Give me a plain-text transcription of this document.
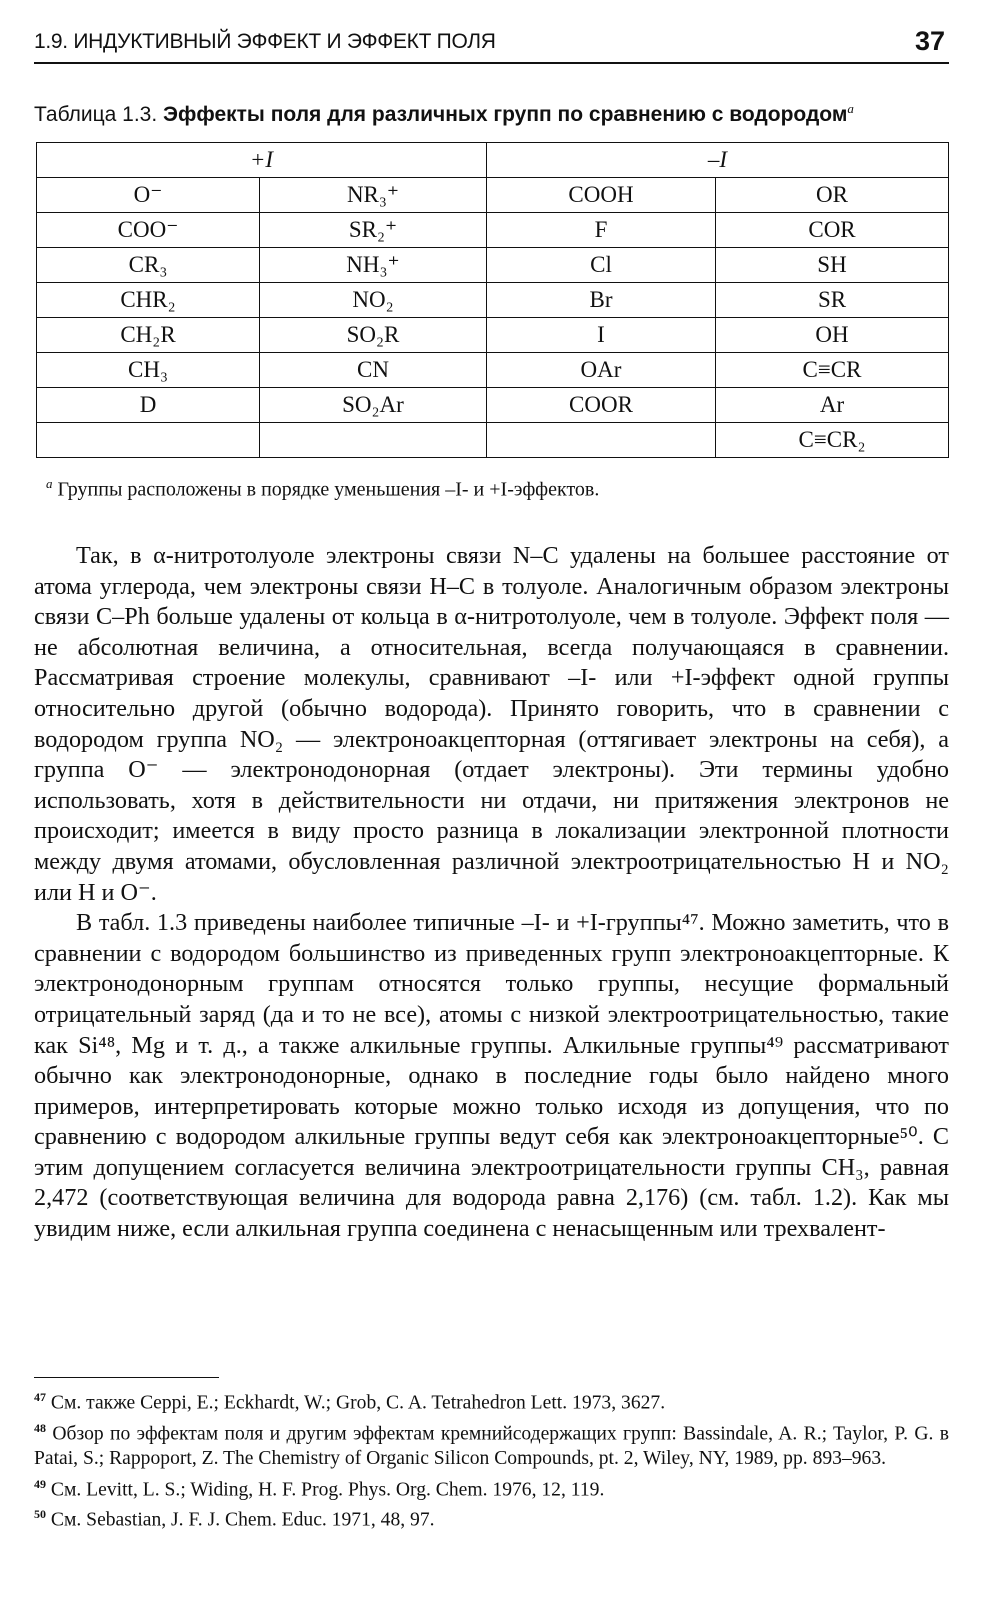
1.9. ИНДУКТИВНЫЙ ЭФФЕКТ И ЭФФЕКТ ПОЛЯ	37
Таблица 1.3. Эффекты поля для различных групп по сравнению с водородом$^a$
+I		–I	
O⁻	NR₃⁺	COOH	OR
COO⁻	SR₂⁺	F	COR
CR₃	NH₃⁺	Cl	SH
CHR₂	NO₂	Br	SR
CH₂R	SO₂R	I	OH
CH₃	CN	OAr	C≡CR
D	SO₂Ar	COOR	Ar
			C≡CR₂
$^a$ Группы расположены в порядке уменьшения –I- и +I-эффектов.

Так, в α-нитротолуоле электроны связи N–C удалены на большее расстояние от атома углерода, чем электроны связи H–C в толуоле. Аналогичным образом электроны связи C–Ph больше удалены от кольца в α-нитротолуоле, чем в толуоле. Эффект поля — не абсолютная величина, а относительная, всегда получающаяся в сравнении. Рассматривая строение молекулы, сравнивают –I- или +I-эффект одной группы относительно другой (обычно водорода). Принято говорить, что в сравнении с водородом группа NO₂ — электроноакцепторная (оттягивает электроны на себя), а группа O⁻ — электронодонорная (отдает электроны). Эти термины удобно использовать, хотя в действительности ни отдачи, ни притяжения электронов не происходит; имеется в виду просто разница в локализации электронной плотности между двумя атомами, обусловленная различной электроотрицательностью H и NO₂ или H и O⁻.

В табл. 1.3 приведены наиболее типичные –I- и +I-группы⁴⁷. Можно заметить, что в сравнении с водородом большинство из приведенных групп электроноакцепторные. К электронодонорным группам относятся только группы, несущие формальный отрицательный заряд (да и то не все), атомы с низкой электроотрицательностью, такие как Si⁴⁸, Mg и т. д., а также алкильные группы. Алкильные группы⁴⁹ рассматривают обычно как электронодонорные, однако в последние годы было найдено много примеров, интерпретировать которые можно только исходя из допущения, что по сравнению с водородом алкильные группы ведут себя как электроноакцепторные⁵⁰. С этим допущением согласуется величина электроотрицательности группы CH₃, равная 2,472 (соответствующая величина для водорода равна 2,176) (см. табл. 1.2). Как мы увидим ниже, если алкильная группа соединена с ненасыщенным или трехвалент-

$^{47}$ См. также Ceppi, E.; Eckhardt, W.; Grob, C. A. Tetrahedron Lett. 1973, 3627.

$^{48}$ Обзор по эффектам поля и другим эффектам кремнийсодержащих групп: Bassindale, A. R.; Taylor, P. G. в Patai, S.; Rappoport, Z. The Chemistry of Organic Silicon Compounds, pt. 2, Wiley, NY, 1989, pp. 893–963.

$^{49}$ См. Levitt, L. S.; Widing, H. F. Prog. Phys. Org. Chem. 1976, 12, 119.

$^{50}$ См. Sebastian, J. F. J. Chem. Educ. 1971, 48, 97.
